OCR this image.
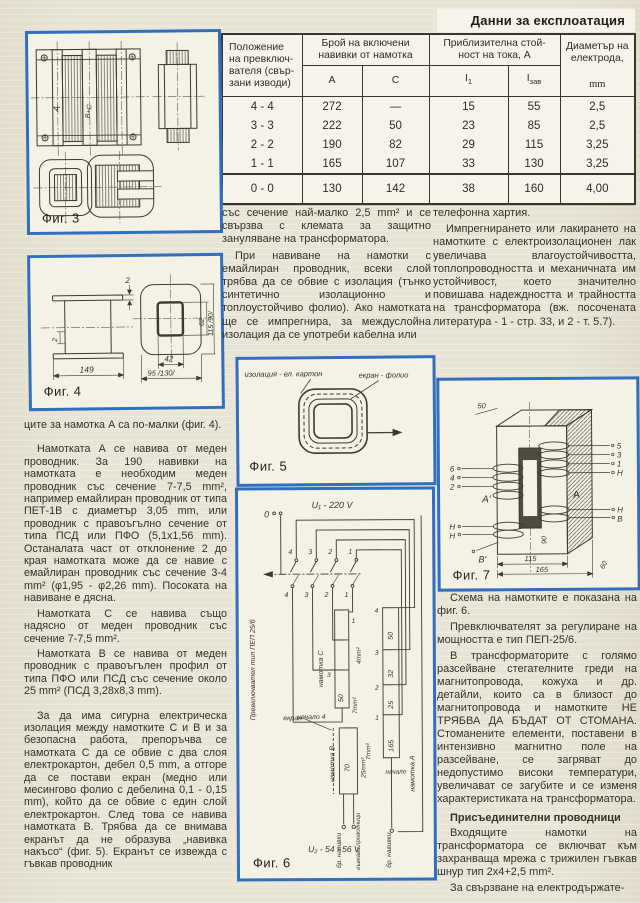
Данни за експлоатация
Положение на превключ- вателя (свър- зани изводи)	Брой на включени навивки от намотка		Приблизителна стой- ност на тока, А		Диаметър на електрода,
mm

	А	С	$I_1$	$I_{зав}$
4 - 4	272	—	15	55	2,5
3 - 3	222	50	23	85	2,5
2 - 2	190	82	29	115	3,25
1 - 1	165	107	33	130	3,25
0 - 0	130	142	38	160	4,00
А	В+С
Фиг. 3
2
2
149
42
95 /130/
62 115 /90/
Фиг. 4
изолация - ел. картон	екран - фолио
Фиг. 5
U₁ - 220 V
0
4 3 2 1
4 3 2 1
Превключвател тип ПЕП 25/6
4
3
2
1
50
32
25
165
намотка А
начало
намотка С
50
1
3
начало 4
4mm²
7mm²
7mm²
екран
70 25mm²
намотка В
бр. навивки гъвкави проводници	бр. навивки
U₂ - 54 - 56 V
Фиг. 6
50
6
4
2
Н
Н
В'
А'
5
3
1
Н
Н
В
А
115
165
90
60
Фиг. 7

ците за намотка А са по-малки (фиг. 4).

Намотката А се навива от меден проводник. За 190 навивки на намотката е необходим меден проводник със сечение 7-7,5 mm², например емайлиран проводник от типа ПЕТ-1В с диаметър 3,05 mm, или проводник с правоъгълно сечение от типа ПСД или ПФО (5,1х1,56 mm). Останалата част от отклонение 2 до края намотката може да се навие с емайлиран проводник със сечение 3-4 mm² (φ1,95 - φ2,26 mm). Посоката на навиване е дясна.

Намотката С се навива също надясно от меден проводник със сечение 7-7,5 mm².

Намотката В се навива от меден проводник с правоъгълен профил от типа ПФО или ПСД със сечение около 25 mm² (ПСД 3,28х8,3 mm).

За да има сигурна електрическа изолация между намотките С и В и за безопасна работа, препоръчва се намотката С да се обвие с два слоя електрокартон, дебел 0,5 mm, а отгоре да се постави екран (медно или месингово фолио с дебелина 0,1 - 0,15 mm), който да се обвие с един слой електрокартон. След това се навива намотката В. Трябва да се внимава екранът да не образува „навивка накъсо“ (фиг. 5). Екранът се извежда с гъвкав проводник

със сечение най-малко 2,5 mm² и се свързва с клемата за защитно зануляване на трансформатора.

При навиване на намотки с емайлиран проводник, всеки слой трябва да се обвие с изолация (тънко синтетично изолационно и топлоустойчиво фолио). Ако намотката ще се импрегнира, за междуслойна изолация да се употреби кабелна или

телефонна хартия.

Импрегнирането или лакирането на намотките с електроизолационен лак увеличава влагоустойчивостта, топлопроводността и механичната им устойчивост, което значително повишава надеждността и трайността на трансформатора (вж. посочената литература - 1 - стр. 33, и 2 - т. 5.7).

Схема на намотките е показана на фиг. 6.

Превключвателят за регулиране на мощността е тип ПЕП-25/6.

В трансформаторите с голямо разсейване стегателните греди на магнитопровода, кожуха и др. детайли, които са в близост до магнитопровода и намотките НЕ ТРЯБВА ДА БЪДАТ ОТ СТОМАНА. Стоманените елементи, поставени в интензивно магнитно поле на разсейване, се загряват до недопустимо високи температури, увеличават се загубите и се изменя характеристиката на трансформатора.

Присъединителни проводници

Входящите намотки на трансформатора се включват към захранваща мрежа с трижилен гъвкав шнур тип 2х4+2,5 mm².

За свързване на електродържате-
